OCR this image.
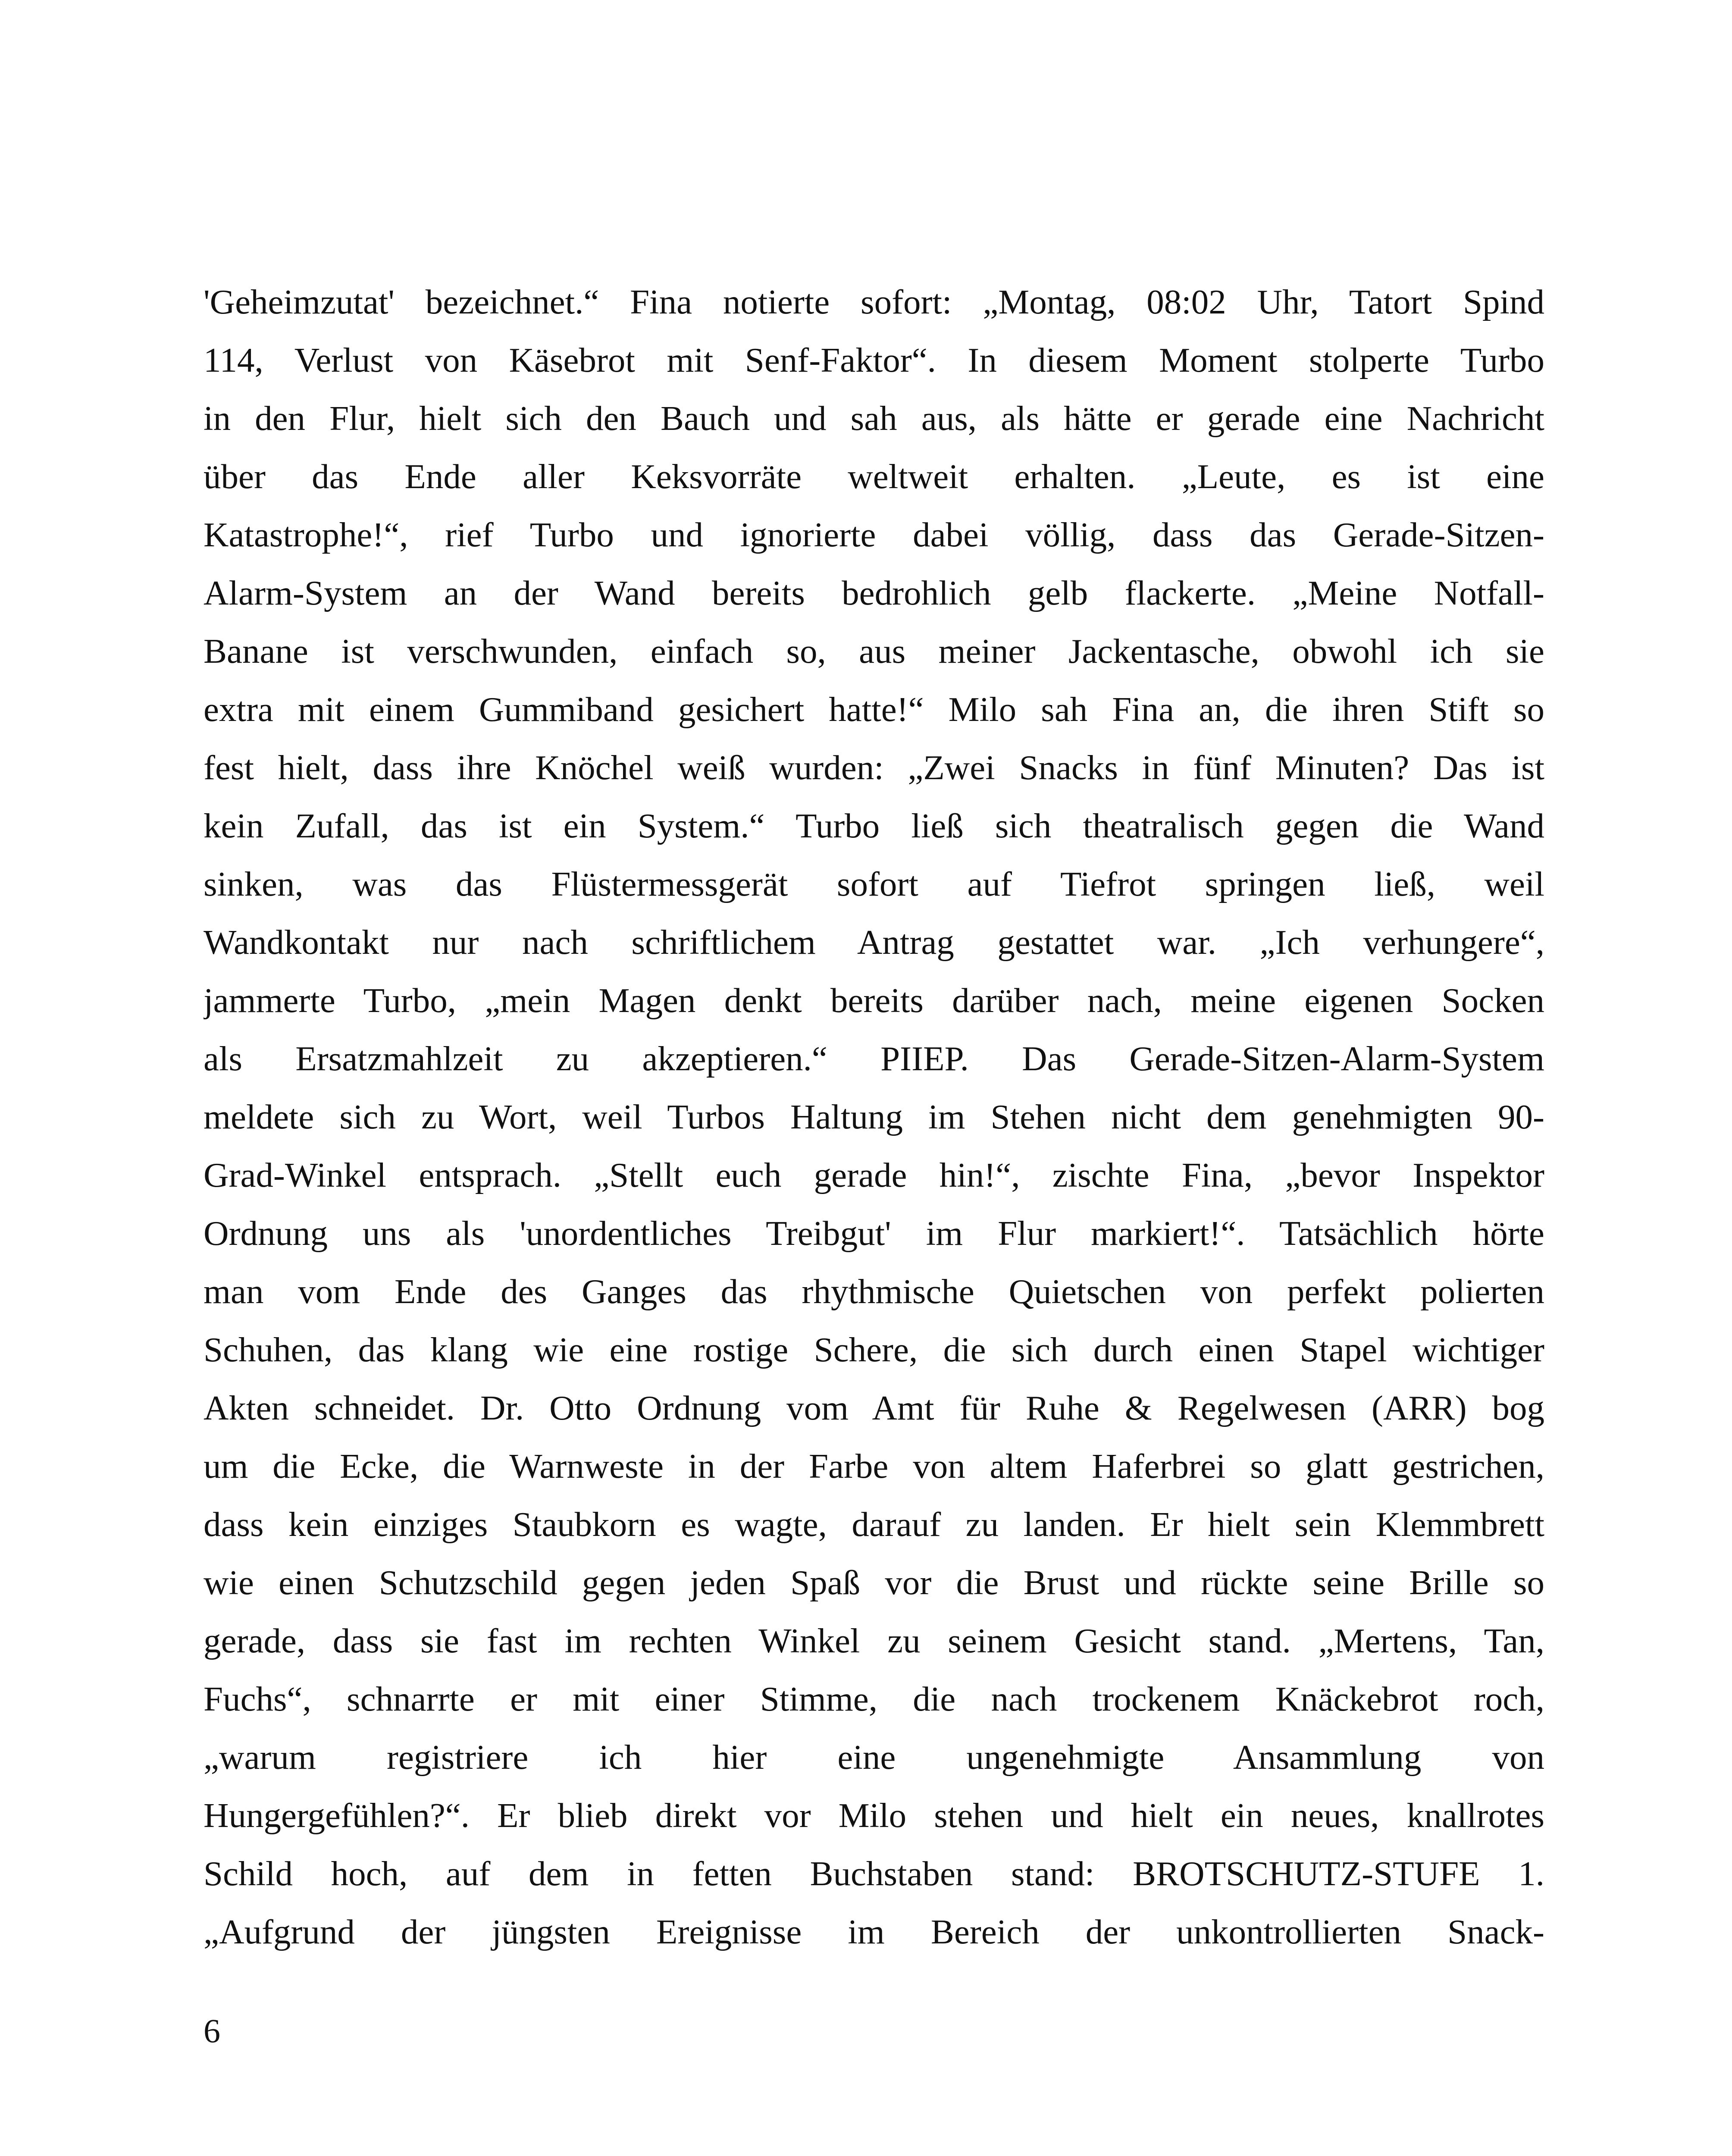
'Geheimzutat' bezeichnet.“ Fina notierte sofort: „Montag, 08:02 Uhr, Tatort Spind
114, Verlust von Käsebrot mit Senf-Faktor“. In diesem Moment stolperte Turbo
in den Flur, hielt sich den Bauch und sah aus, als hätte er gerade eine Nachricht
über das Ende aller Keksvorräte weltweit erhalten. „Leute, es ist eine
Katastrophe!“, rief Turbo und ignorierte dabei völlig, dass das Gerade-Sitzen-
Alarm-System an der Wand bereits bedrohlich gelb flackerte. „Meine Notfall-
Banane ist verschwunden, einfach so, aus meiner Jackentasche, obwohl ich sie
extra mit einem Gummiband gesichert hatte!“ Milo sah Fina an, die ihren Stift so
fest hielt, dass ihre Knöchel weiß wurden: „Zwei Snacks in fünf Minuten? Das ist
kein Zufall, das ist ein System.“ Turbo ließ sich theatralisch gegen die Wand
sinken, was das Flüstermessgerät sofort auf Tiefrot springen ließ, weil
Wandkontakt nur nach schriftlichem Antrag gestattet war. „Ich verhungere“,
jammerte Turbo, „mein Magen denkt bereits darüber nach, meine eigenen Socken
als Ersatzmahlzeit zu akzeptieren.“ PIIEP. Das Gerade-Sitzen-Alarm-System
meldete sich zu Wort, weil Turbos Haltung im Stehen nicht dem genehmigten 90-
Grad-Winkel entsprach. „Stellt euch gerade hin!“, zischte Fina, „bevor Inspektor
Ordnung uns als 'unordentliches Treibgut' im Flur markiert!“. Tatsächlich hörte
man vom Ende des Ganges das rhythmische Quietschen von perfekt polierten
Schuhen, das klang wie eine rostige Schere, die sich durch einen Stapel wichtiger
Akten schneidet. Dr. Otto Ordnung vom Amt für Ruhe & Regelwesen (ARR) bog
um die Ecke, die Warnweste in der Farbe von altem Haferbrei so glatt gestrichen,
dass kein einziges Staubkorn es wagte, darauf zu landen. Er hielt sein Klemmbrett
wie einen Schutzschild gegen jeden Spaß vor die Brust und rückte seine Brille so
gerade, dass sie fast im rechten Winkel zu seinem Gesicht stand. „Mertens, Tan,
Fuchs“, schnarrte er mit einer Stimme, die nach trockenem Knäckebrot roch,
„warum registriere ich hier eine ungenehmigte Ansammlung von
Hungergefühlen?“. Er blieb direkt vor Milo stehen und hielt ein neues, knallrotes
Schild hoch, auf dem in fetten Buchstaben stand: BROTSCHUTZ-STUFE 1.
„Aufgrund der jüngsten Ereignisse im Bereich der unkontrollierten Snack-
6
